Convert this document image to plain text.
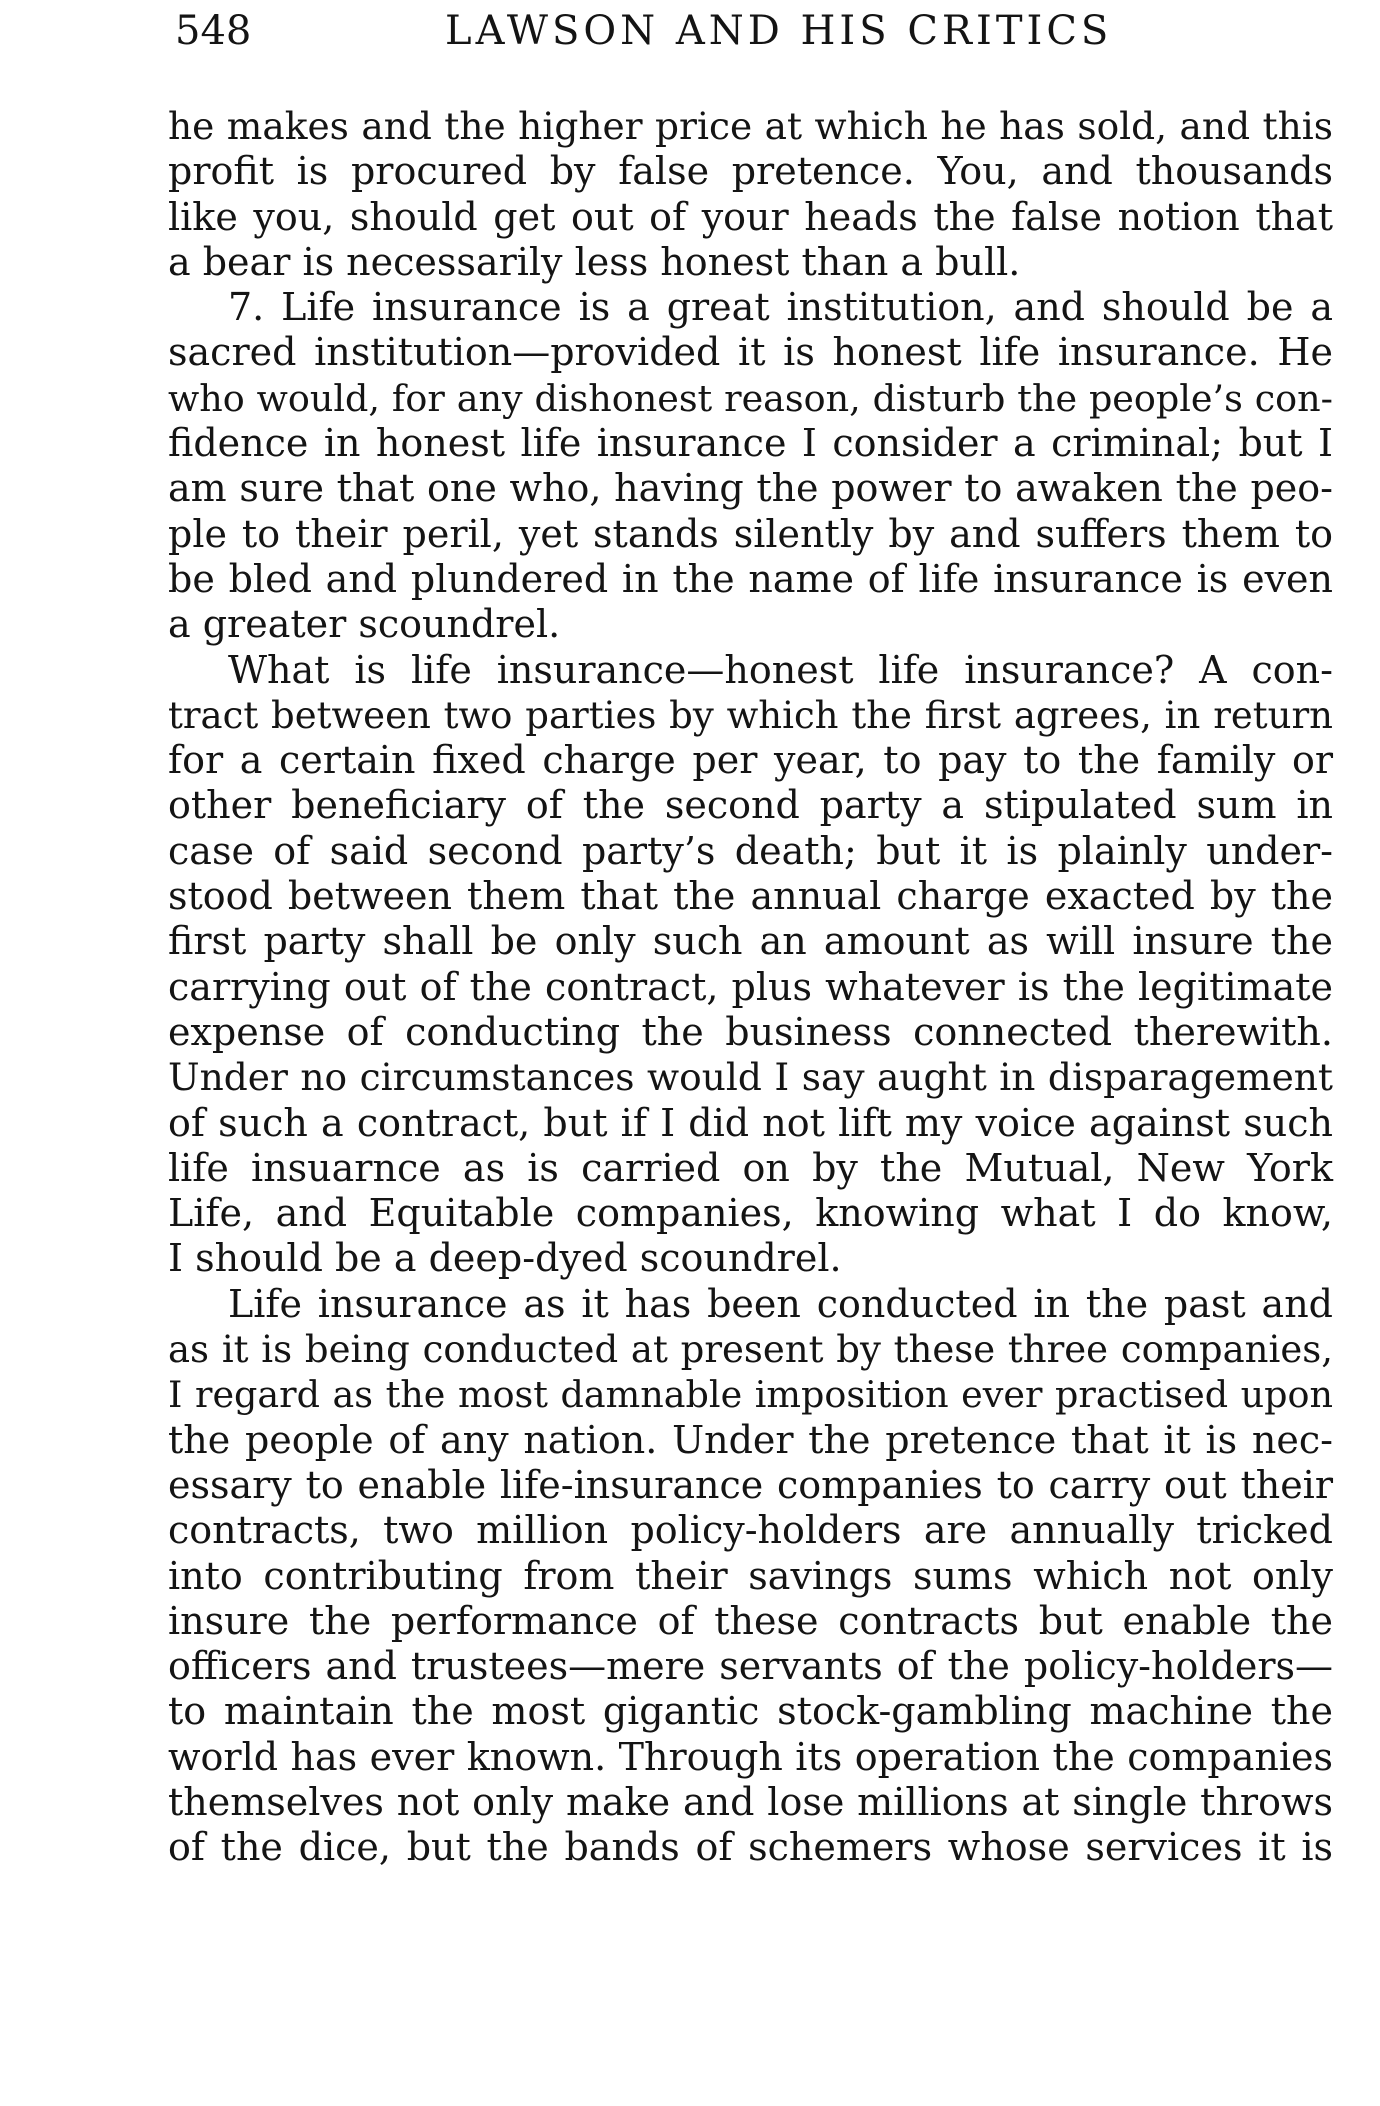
548	LAWSON AND HIS CRITICS
he makes and the higher price at which he has sold, and this
profit is procured by false pretence. You, and thousands
like you, should get out of your heads the false notion that
a bear is necessarily less honest than a bull.
7. Life insurance is a great institution, and should be a
sacred institution—provided it is honest life insurance. He
who would, for any dishonest reason, disturb the people’s con-
fidence in honest life insurance I consider a criminal; but I
am sure that one who, having the power to awaken the peo-
ple to their peril, yet stands silently by and suffers them to
be bled and plundered in the name of life insurance is even
a greater scoundrel.
What is life insurance—honest life insurance? A con-
tract between two parties by which the first agrees, in return
for a certain fixed charge per year, to pay to the family or
other beneficiary of the second party a stipulated sum in
case of said second party’s death; but it is plainly under-
stood between them that the annual charge exacted by the
first party shall be only such an amount as will insure the
carrying out of the contract, plus whatever is the legitimate
expense of conducting the business connected therewith.
Under no circumstances would I say aught in disparagement
of such a contract, but if I did not lift my voice against such
life insuarnce as is carried on by the Mutual, New York
Life, and Equitable companies, knowing what I do know,
I should be a deep-dyed scoundrel.
Life insurance as it has been conducted in the past and
as it is being conducted at present by these three companies,
I regard as the most damnable imposition ever practised upon
the people of any nation. Under the pretence that it is nec-
essary to enable life-insurance companies to carry out their
contracts, two million policy-holders are annually tricked
into contributing from their savings sums which not only
insure the performance of these contracts but enable the
officers and trustees—mere servants of the policy-holders—
to maintain the most gigantic stock-gambling machine the
world has ever known. Through its operation the companies
themselves not only make and lose millions at single throws
of the dice, but the bands of schemers whose services it is
